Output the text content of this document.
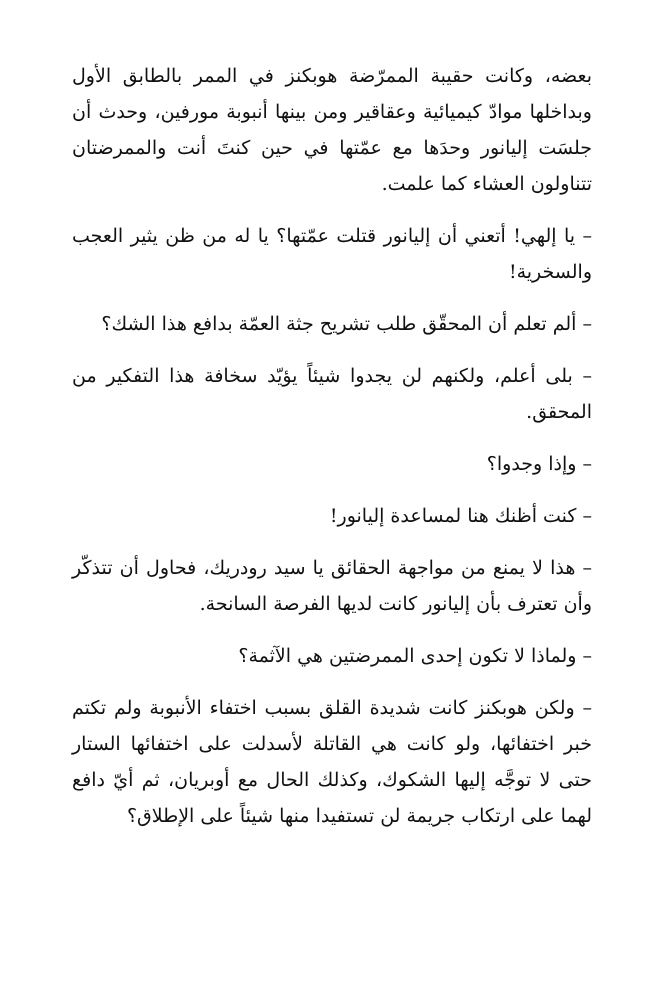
بعضه، وكانت حقيبة الممرّضة هوبكنز في الممر بالطابق الأول وبداخلها موادّ كيميائية وعقاقير ومن بينها أنبوبة مورفين، وحدث أن جلسَت إليانور وحدَها مع عمّتها في حين كنتَ أنت والممرضتان تتناولون العشاء كما علمت.

– يا إلهي! أتعني أن إليانور قتلت عمّتها؟ يا له من ظن يثير العجب والسخرية!

– ألم تعلم أن المحقّق طلب تشريح جثة العمّة بدافع هذا الشك؟

– بلى أعلم، ولكنهم لن يجدوا شيئاً يؤيّد سخافة هذا التفكير من المحقق.

– وإذا وجدوا؟

– كنت أظنك هنا لمساعدة إليانور!

– هذا لا يمنع من مواجهة الحقائق يا سيد رودريك، فحاول أن تتذكّر وأن تعترف بأن إليانور كانت لديها الفرصة السانحة.

– ولماذا لا تكون إحدى الممرضتين هي الآثمة؟

– ولكن هوبكنز كانت شديدة القلق بسبب اختفاء الأنبوبة ولم تكتم خبر اختفائها، ولو كانت هي القاتلة لأسدلت على اختفائها الستار حتى لا توجَّه إليها الشكوك، وكذلك الحال مع أوبريان، ثم أيّ دافع لهما على ارتكاب جريمة لن تستفيدا منها شيئاً على الإطلاق؟
